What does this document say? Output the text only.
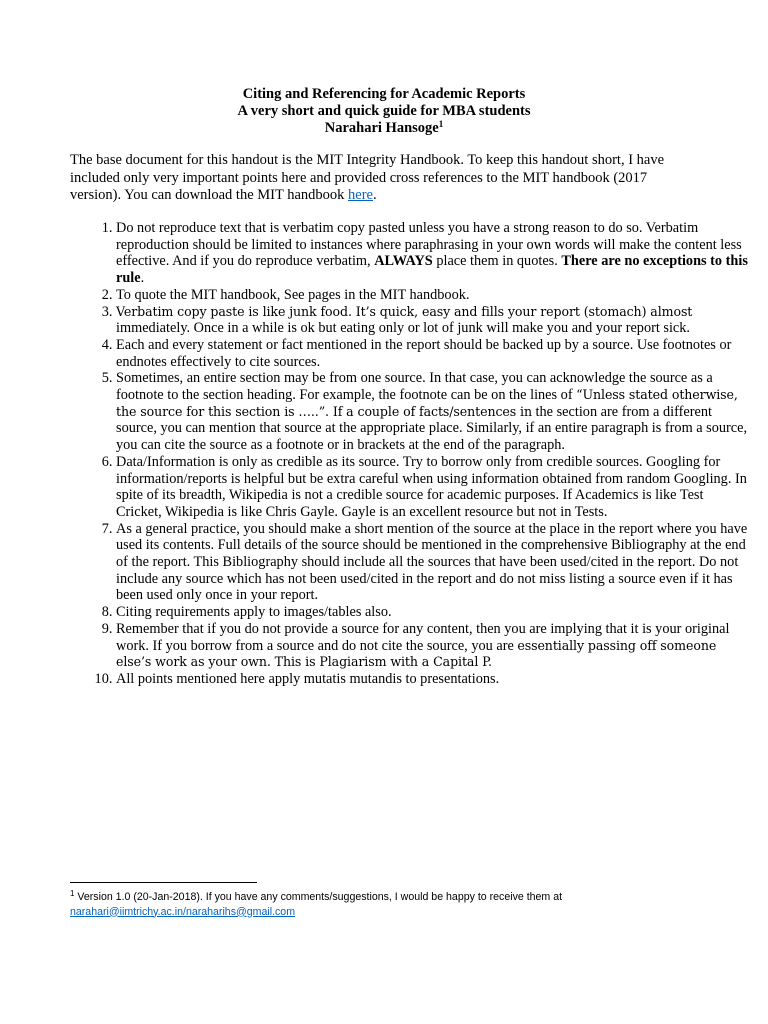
Citing and Referencing for Academic Reports
A very short and quick guide for MBA students
Narahari Hansoge$^1$
The base document for this handout is the MIT Integrity Handbook. To keep this handout short, I have included only very important points here and provided cross references to the MIT handbook (2017 version). You can download the MIT handbook here.
1. Do not reproduce text that is verbatim copy pasted unless you have a strong reason to do so. Verbatim reproduction should be limited to instances where paraphrasing in your own words will make the content less effective. And if you do reproduce verbatim, ALWAYS place them in quotes. There are no exceptions to this rule.
2. To quote the MIT handbook, See pages in the MIT handbook.
3. Verbatim copy paste is like junk food. It’s quick, easy and fills your report (stomach) almost immediately. Once in a while is ok but eating only or lot of junk will make you and your report sick.
4. Each and every statement or fact mentioned in the report should be backed up by a source. Use footnotes or endnotes effectively to cite sources.
5. Sometimes, an entire section may be from one source. In that case, you can acknowledge the source as a footnote to the section heading. For example, the footnote can be on the lines of “Unless stated otherwise, the source for this section is …..”. If a couple of facts/sentences in the section are from a different source, you can mention that source at the appropriate place. Similarly, if an entire paragraph is from a source, you can cite the source as a footnote or in brackets at the end of the paragraph.
6. Data/Information is only as credible as its source. Try to borrow only from credible sources. Googling for information/reports is helpful but be extra careful when using information obtained from random Googling. In spite of its breadth, Wikipedia is not a credible source for academic purposes. If Academics is like Test Cricket, Wikipedia is like Chris Gayle. Gayle is an excellent resource but not in Tests.
7. As a general practice, you should make a short mention of the source at the place in the report where you have used its contents. Full details of the source should be mentioned in the comprehensive Bibliography at the end of the report. This Bibliography should include all the sources that have been used/cited in the report. Do not include any source which has not been used/cited in the report and do not miss listing a source even if it has been used only once in your report.
8. Citing requirements apply to images/tables also.
9. Remember that if you do not provide a source for any content, then you are implying that it is your original work. If you borrow from a source and do not cite the source, you are essentially passing off someone else’s work as your own. This is Plagiarism with a Capital P.
10. All points mentioned here apply mutatis mutandis to presentations.
$^1$ Version 1.0 (20-Jan-2018). If you have any comments/suggestions, I would be happy to receive them at
narahari@iimtrichy.ac.in/naraharihs@gmail.com
